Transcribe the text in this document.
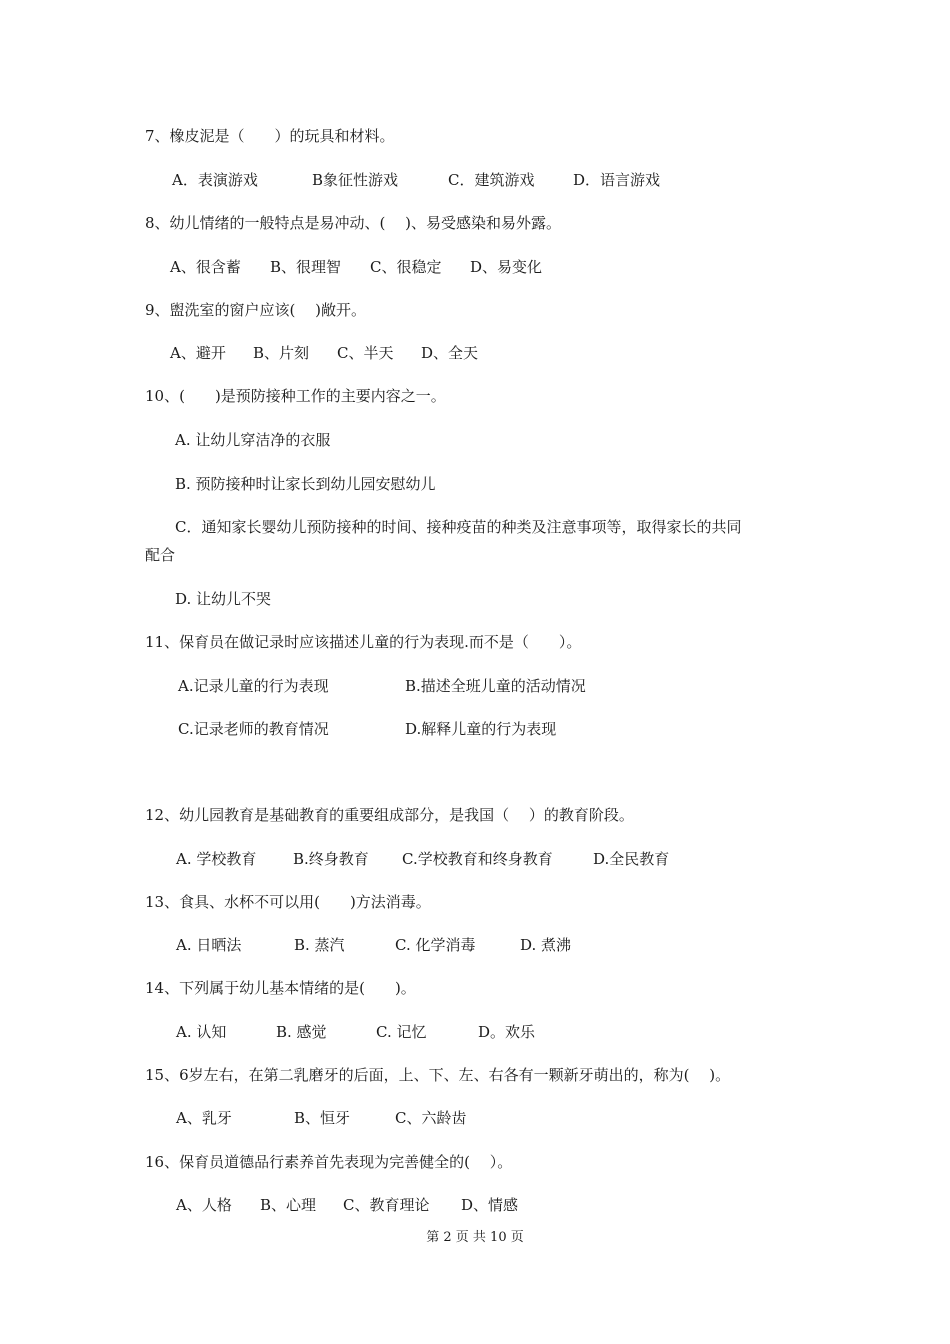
7、橡皮泥是（　　）的玩具和材料。
A．表演游戏	B象征性游戏	C．建筑游戏	D．语言游戏
8、幼儿情绪的一般特点是易冲动、(　 )、易受感染和易外露。
A、很含蓄 B、很理智 C、很稳定 D、易变化
9、盥洗室的窗户应该(　 )敞开。
A、避开 B、片刻 C、半天 D、全天
10、(　　)是预防接种工作的主要内容之一。
A. 让幼儿穿洁净的衣服
B. 预防接种时让家长到幼儿园安慰幼儿
C．通知家长婴幼儿预防接种的时间、接种疫苗的种类及注意事项等，取得家长的共同
配合
D. 让幼儿不哭
11、保育员在做记录时应该描述儿童的行为表现.而不是（　　）。
A.记录儿童的行为表现	B.描述全班儿童的活动情况
C.记录老师的教育情况	D.解释儿童的行为表现
12、幼儿园教育是基础教育的重要组成部分，是我国（　 ）的教育阶段。
A. 学校教育 B.终身教育 C.学校教育和终身教育	D.全民教育
13、食具、水杯不可以用(　　)方法消毒。
A. 日晒法	B. 蒸汽	C. 化学消毒	D. 煮沸
14、下列属于幼儿基本情绪的是(　　)。
A. 认知	B. 感觉	C. 记忆	D。欢乐
15、6岁左右，在第二乳磨牙的后面，上、下、左、右各有一颗新牙萌出的，称为(　 )。
A、乳牙	B、恒牙	C、六龄齿
16、保育员道德品行素养首先表现为完善健全的(　 ）。
A、人格 B、心理 C、教育理论 D、情感
第 2 页 共 10 页
